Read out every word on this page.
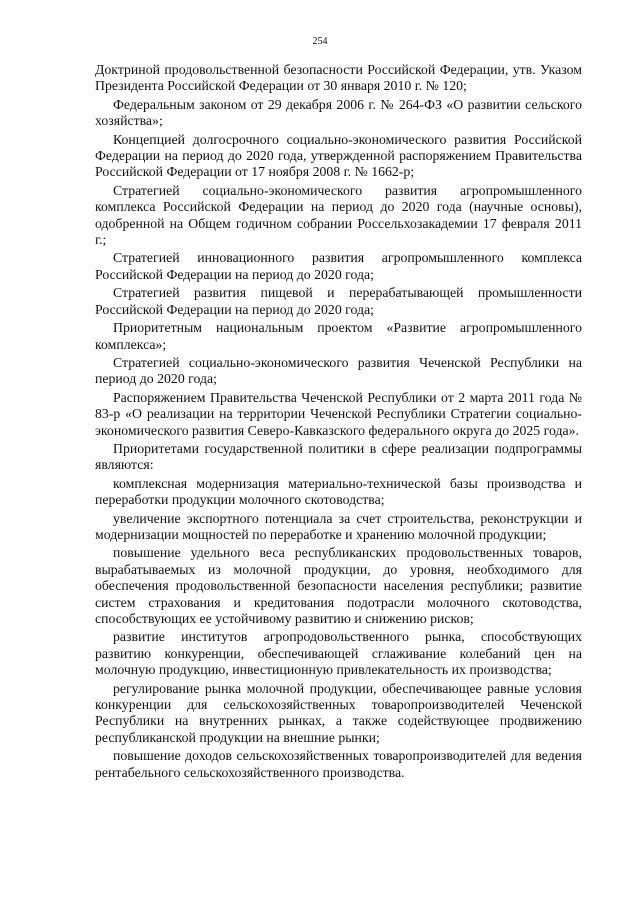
254

Доктриной продовольственной безопасности Российской Федерации, утв. Указом Президента Российской Федерации от 30 января 2010 г. № 120;

Федеральным законом от 29 декабря 2006 г. № 264-ФЗ «О развитии сельского хозяйства»;

Концепцией долгосрочного социально-экономического развития Российской Федерации на период до 2020 года, утвержденной распоряжением Правительства Российской Федерации от 17 ноября 2008 г. № 1662-р;

Стратегией социально-экономического развития агропромышленного комплекса Российской Федерации на период до 2020 года (научные основы), одобренной на Общем годичном собрании Россельхозакадемии 17 февраля 2011 г.;

Стратегией инновационного развития агропромышленного комплекса Российской Федерации на период до 2020 года;

Стратегией развития пищевой и перерабатывающей промышленности Российской Федерации на период до 2020 года;

Приоритетным национальным проектом «Развитие агропромышленного комплекса»;

Стратегией социально-экономического развития Чеченской Республики на период до 2020 года;

Распоряжением Правительства Чеченской Республики от 2 марта 2011 года № 83-р «О реализации на территории Чеченской Республики Стратегии социально-экономического развития Северо-Кавказского федерального округа до 2025 года».

Приоритетами государственной политики в сфере реализации подпрограммы являются:

комплексная модернизация материально-технической базы производства и переработки продукции молочного скотоводства;

увеличение экспортного потенциала за счет строительства, реконструкции и модернизации мощностей по переработке и хранению молочной продукции;

повышение удельного веса республиканских продовольственных товаров, вырабатываемых из молочной продукции, до уровня, необходимого для обеспечения продовольственной безопасности населения республики; развитие систем страхования и кредитования подотрасли молочного скотоводства, способствующих ее устойчивому развитию и снижению рисков;

развитие институтов агропродовольственного рынка, способствующих развитию конкуренции, обеспечивающей сглаживание колебаний цен на молочную продукцию, инвестиционную привлекательность их производства;

регулирование рынка молочной продукции, обеспечивающее равные условия конкуренции для сельскохозяйственных товаропроизводителей Чеченской Республики на внутренних рынках, а также содействующее продвижению республиканской продукции на внешние рынки;

повышение доходов сельскохозяйственных товаропроизводителей для ведения рентабельного сельскохозяйственного производства.
